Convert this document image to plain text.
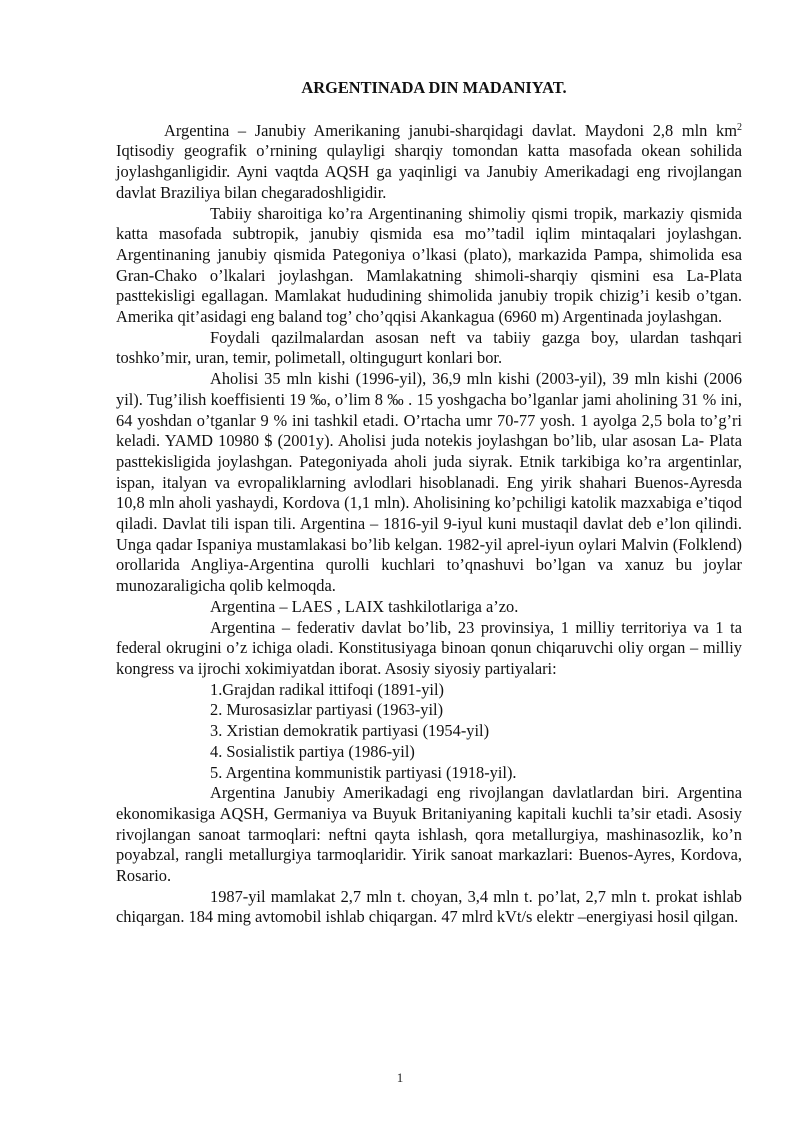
ARGENTINADA DIN MADANIYAT.

Argentina – Janubiy Amerikaning janubi-sharqidagi davlat. Maydoni 2,8 mln $km^2$ Iqtisodiy geografik o’rnining qulayligi sharqiy tomondan katta masofada okean sohilida joylashganligidir. Ayni vaqtda AQSH ga yaqinligi va Janubiy Amerikadagi eng rivojlangan davlat Braziliya bilan chegaradoshligidir.

Tabiiy sharoitiga ko’ra Argentinaning shimoliy qismi tropik, markaziy qismida katta masofada subtropik, janubiy qismida esa mo’’tadil iqlim mintaqalari joylashgan. Argentinaning janubiy qismida Pategoniya o’lkasi (plato), markazida Pampa, shimolida esa Gran-Chako o’lkalari joylashgan. Mamlakatning shimoli-sharqiy qismini esa La-Plata pasttekisligi egallagan. Mamlakat hududining shimolida janubiy tropik chizig’i kesib o’tgan. Amerika qit’asidagi eng baland tog’ cho’qqisi Akankagua (6960 m) Argentinada joylashgan.

Foydali qazilmalardan asosan neft va tabiiy gazga boy, ulardan tashqari toshko’mir, uran, temir, polimetall, oltingugurt konlari bor.

Aholisi 35 mln kishi (1996-yil), 36,9 mln kishi (2003-yil), 39 mln kishi (2006 yil). Tug’ilish koeffisienti 19 ‰, o’lim 8 ‰ . 15 yoshgacha bo’lganlar jami aholining 31 % ini, 64 yoshdan o’tganlar 9 % ini tashkil etadi. O’rtacha umr 70-77 yosh. 1 ayolga 2,5 bola to’g’ri keladi. YAMD 10980 $ (2001y). Aholisi juda notekis joylashgan bo’lib, ular asosan La- Plata pasttekisligida joylashgan. Pategoniyada aholi juda siyrak. Etnik tarkibiga ko’ra argentinlar, ispan, italyan va evropaliklarning avlodlari hisoblanadi. Eng yirik shahari Buenos-Ayresda 10,8 mln aholi yashaydi, Kordova (1,1 mln). Aholisining ko’pchiligi katolik mazxabiga e’tiqod qiladi. Davlat tili ispan tili. Argentina – 1816-yil 9-iyul kuni mustaqil davlat deb e’lon qilindi. Unga qadar Ispaniya mustamlakasi bo’lib kelgan. 1982-yil aprel-iyun oylari Malvin (Folklend) orollarida Angliya-Argentina qurolli kuchlari to’qnashuvi bo’lgan va xanuz bu joylar munozaraligicha qolib kelmoqda.

Argentina – LAES , LAIX tashkilotlariga a’zo.

Argentina – federativ davlat bo’lib, 23 provinsiya, 1 milliy territoriya va 1 ta federal okrugini o’z ichiga oladi. Konstitusiyaga binoan qonun chiqaruvchi oliy organ – milliy kongress va ijrochi xokimiyatdan iborat. Asosiy siyosiy partiyalari:

1.Grajdan radikal ittifoqi (1891-yil)

2. Murosasizlar partiyasi (1963-yil)

3. Xristian demokratik partiyasi (1954-yil)

4. Sosialistik partiya (1986-yil)

5. Argentina kommunistik partiyasi (1918-yil).

Argentina Janubiy Amerikadagi eng rivojlangan davlatlardan biri. Argentina ekonomikasiga AQSH, Germaniya va Buyuk Britaniyaning kapitali kuchli ta’sir etadi. Asosiy rivojlangan sanoat tarmoqlari: neftni qayta ishlash, qora metallurgiya, mashinasozlik, ko’n poyabzal, rangli metallurgiya tarmoqlaridir. Yirik sanoat markazlari: Buenos-Ayres, Kordova, Rosario.

1987-yil mamlakat 2,7 mln t. choyan, 3,4 mln t. po’lat, 2,7 mln t. prokat ishlab chiqargan. 184 ming avtomobil ishlab chiqargan. 47 mlrd kVt/s elektr –energiyasi hosil qilgan.

1
